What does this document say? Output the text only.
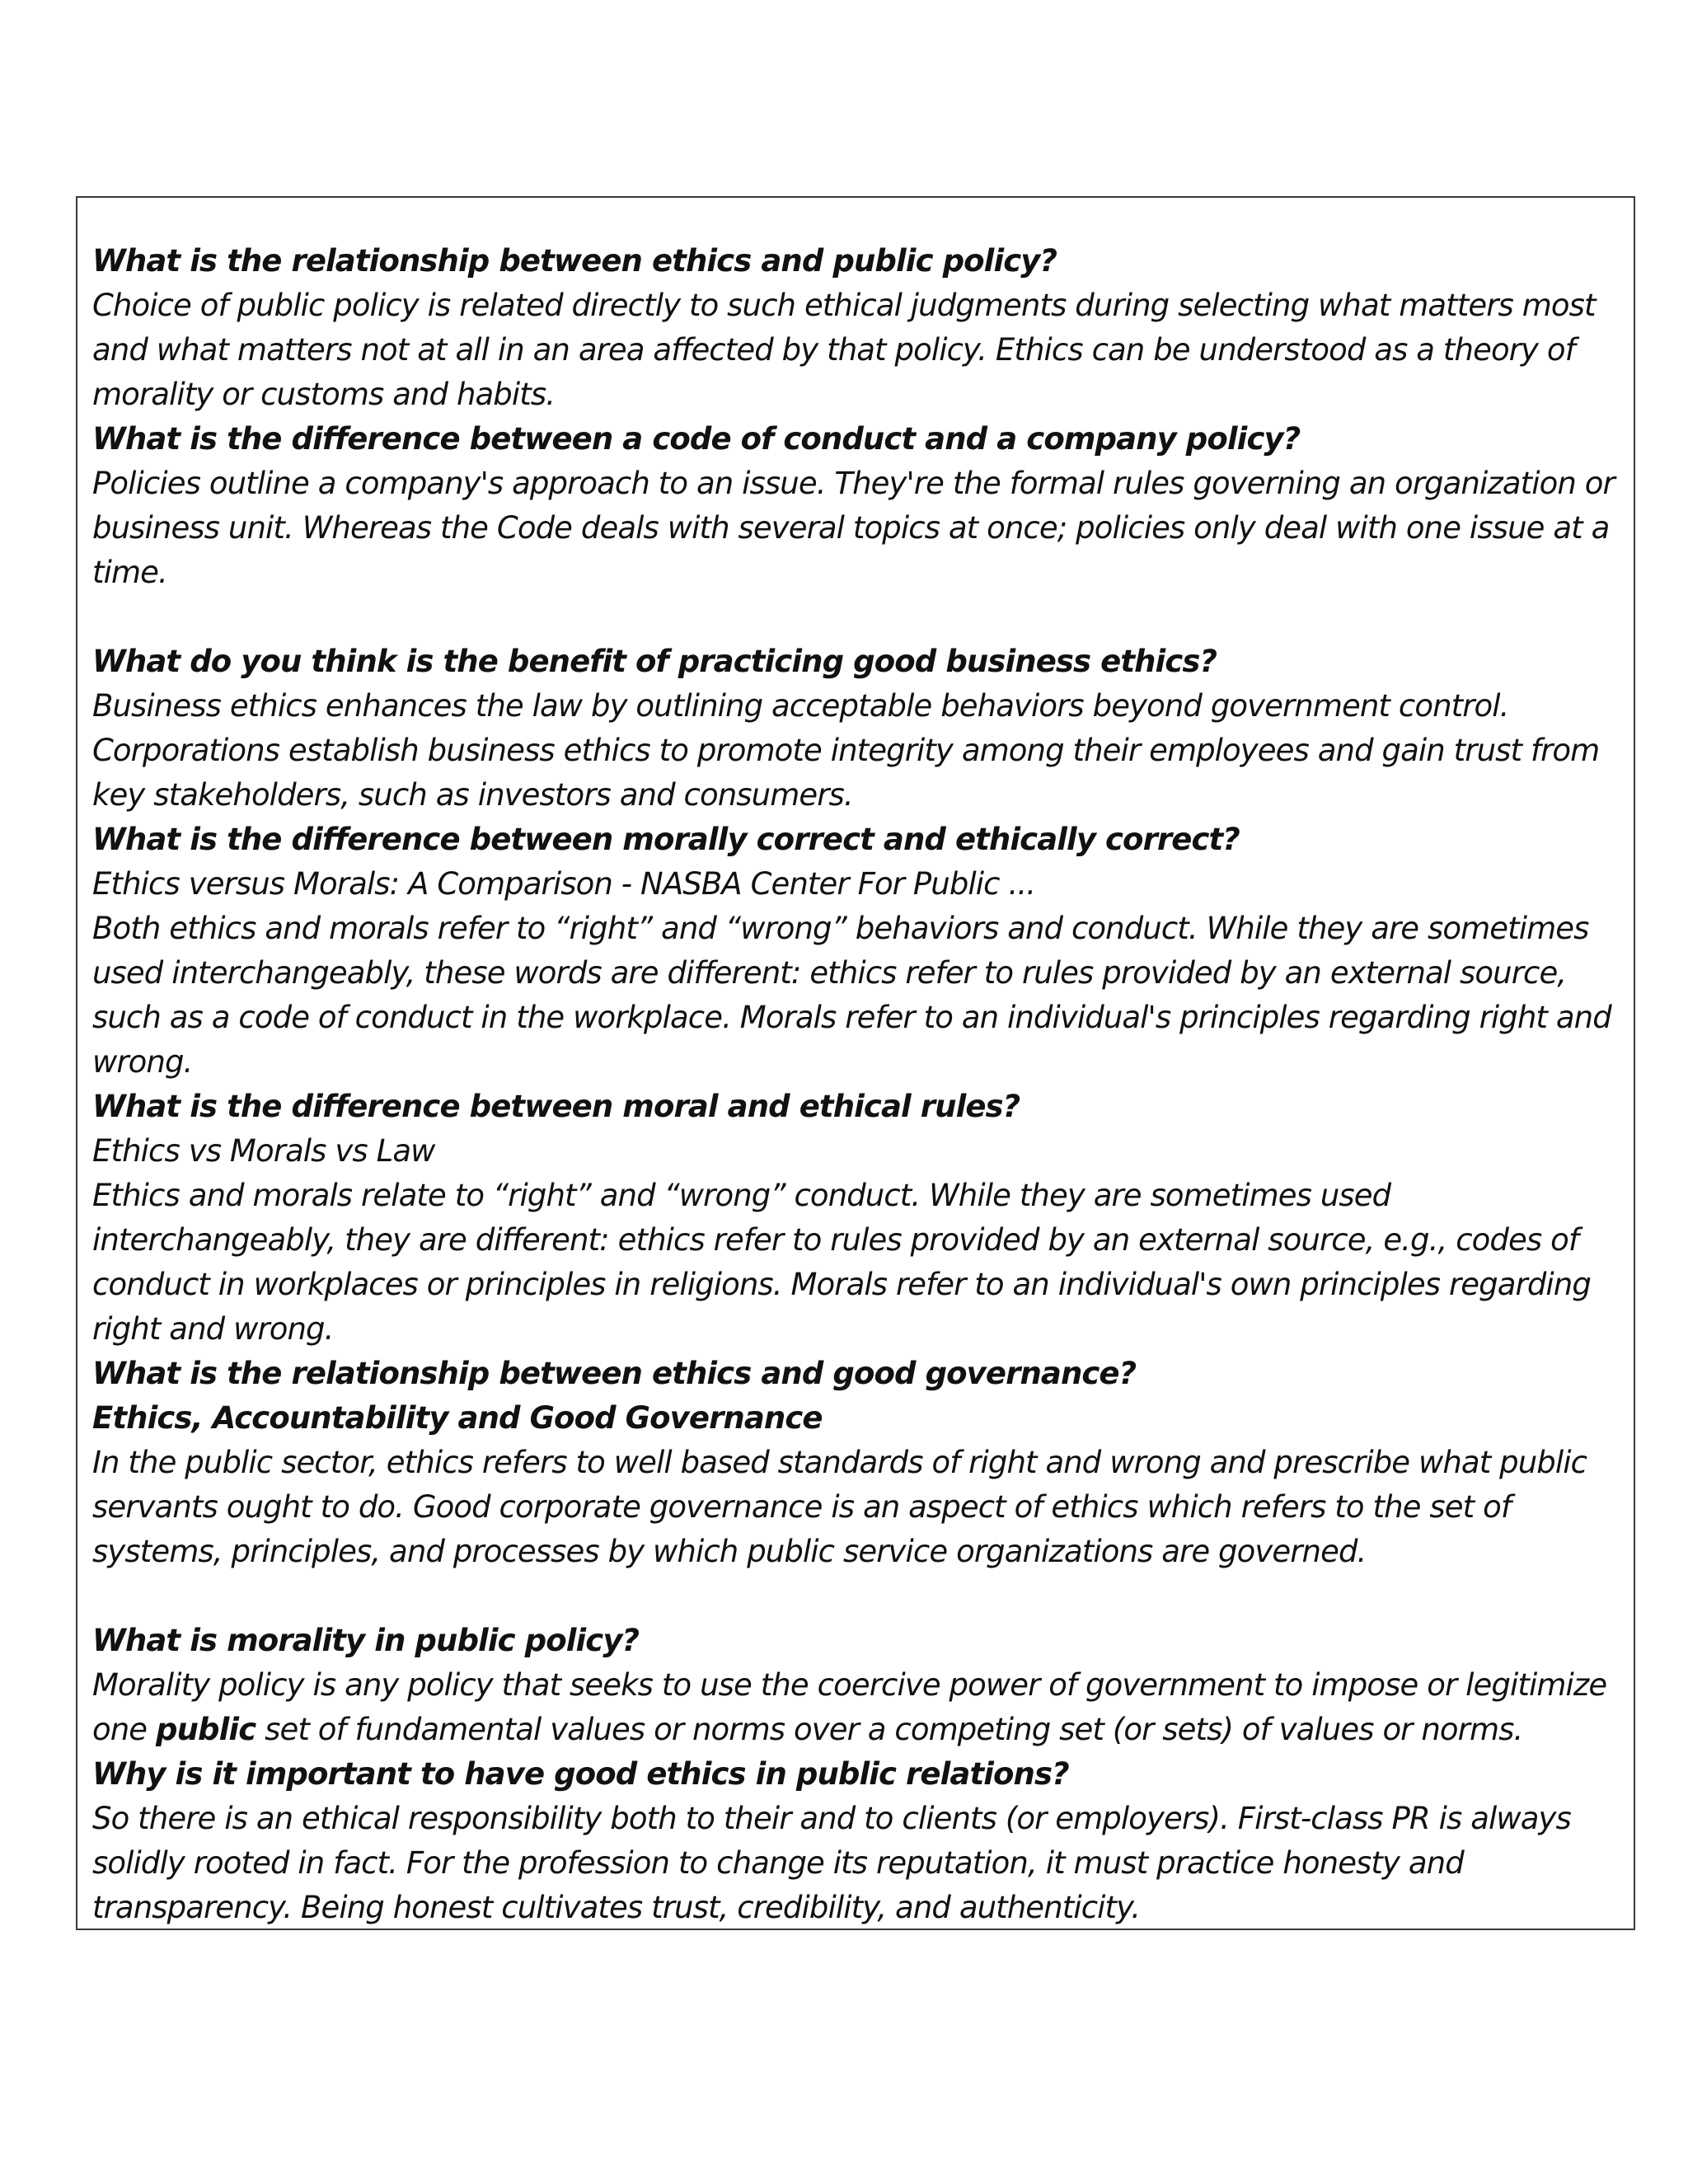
What is the relationship between ethics and public policy?

Choice of public policy is related directly to such ethical judgments during selecting what matters most and what matters not at all in an area affected by that policy. Ethics can be understood as a theory of morality or customs and habits.

What is the difference between a code of conduct and a company policy?

Policies outline a company's approach to an issue. They're the formal rules governing an organization or business unit. Whereas the Code deals with several topics at once; policies only deal with one issue at a time.

What do you think is the benefit of practicing good business ethics?

Business ethics enhances the law by outlining acceptable behaviors beyond government control. Corporations establish business ethics to promote integrity among their employees and gain trust from key stakeholders, such as investors and consumers.

What is the difference between morally correct and ethically correct?

Ethics versus Morals: A Comparison - NASBA Center For Public ...

Both ethics and morals refer to “right” and “wrong” behaviors and conduct. While they are sometimes used interchangeably, these words are different: ethics refer to rules provided by an external source, such as a code of conduct in the workplace. Morals refer to an individual's principles regarding right and wrong.

What is the difference between moral and ethical rules?

Ethics vs Morals vs Law

Ethics and morals relate to “right” and “wrong” conduct. While they are sometimes used interchangeably, they are different: ethics refer to rules provided by an external source, e.g., codes of conduct in workplaces or principles in religions. Morals refer to an individual's own principles regarding right and wrong.

What is the relationship between ethics and good governance?

Ethics, Accountability and Good Governance

In the public sector, ethics refers to well based standards of right and wrong and prescribe what public servants ought to do. Good corporate governance is an aspect of ethics which refers to the set of systems, principles, and processes by which public service organizations are governed.

What is morality in public policy?

Morality policy is any policy that seeks to use the coercive power of government to impose or legitimize one public set of fundamental values or norms over a competing set (or sets) of values or norms.

Why is it important to have good ethics in public relations?

So there is an ethical responsibility both to their and to clients (or employers). First-class PR is always solidly rooted in fact. For the profession to change its reputation, it must practice honesty and transparency. Being honest cultivates trust, credibility, and authenticity.
